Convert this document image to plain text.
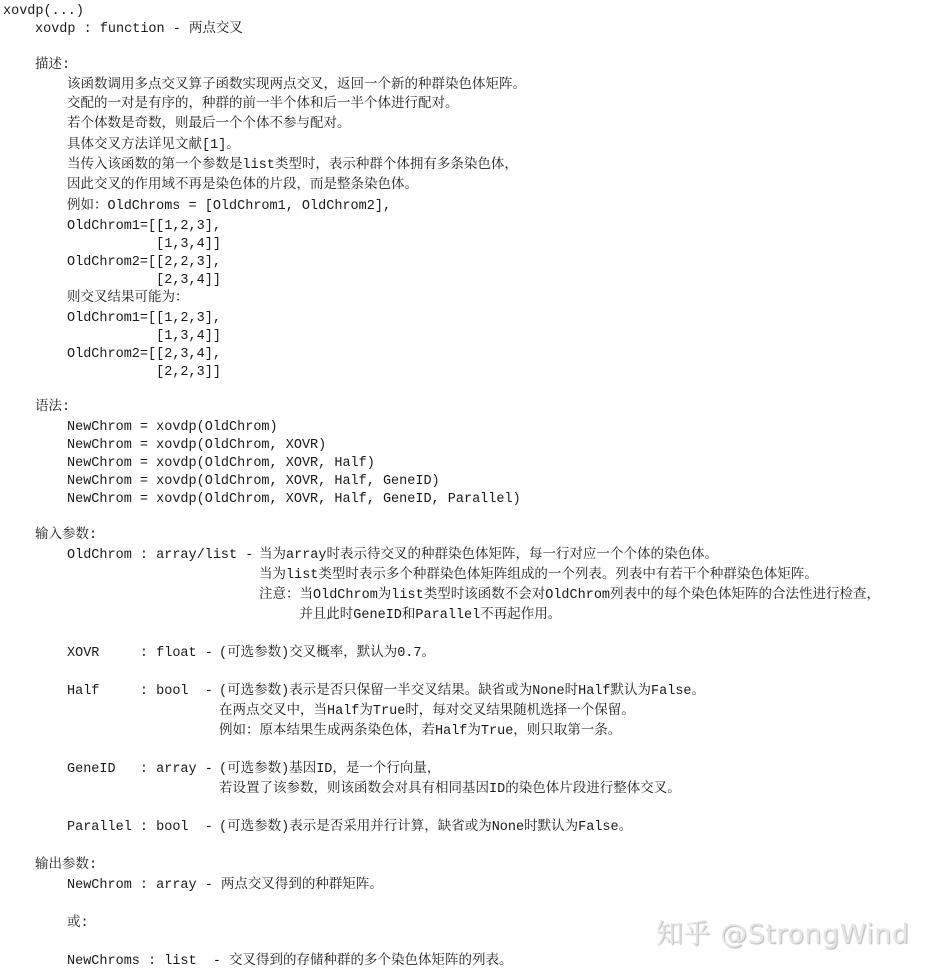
xovdp(...)
xovdp : function - 两点交叉
描述:
该函数调用多点交叉算子函数实现两点交叉，返回一个新的种群染色体矩阵。
交配的一对是有序的，种群的前一半个体和后一半个体进行配对。
若个体数是奇数，则最后一个个体不参与配对。
具体交叉方法详见文献[1]。
当传入该函数的第一个参数是list类型时，表示种群个体拥有多条染色体，
因此交叉的作用域不再是染色体的片段，而是整条染色体。
例如：OldChroms = [OldChrom1, OldChrom2],
OldChrom1=[[1,2,3],
[1,3,4]]
OldChrom2=[[2,2,3],
[2,3,4]]
则交叉结果可能为：
OldChrom1=[[1,2,3],
[1,3,4]]
OldChrom2=[[2,3,4],
[2,2,3]]
语法:
NewChrom = xovdp(OldChrom)
NewChrom = xovdp(OldChrom, XOVR)
NewChrom = xovdp(OldChrom, XOVR, Half)
NewChrom = xovdp(OldChrom, XOVR, Half, GeneID)
NewChrom = xovdp(OldChrom, XOVR, Half, GeneID, Parallel)
输入参数:
OldChrom : array/list -
当为array时表示待交叉的种群染色体矩阵，每一行对应一个个体的染色体。
当为list类型时表示多个种群染色体矩阵组成的一个列表。列表中有若干个种群染色体矩阵。
注意：当OldChrom为list类型时该函数不会对OldChrom列表中的每个染色体矩阵的合法性进行检查，
并且此时GeneID和Parallel不再起作用。
XOVR     : float -
(可选参数)交叉概率，默认为0.7。
Half     : bool  -
(可选参数)表示是否只保留一半交叉结果。缺省或为None时Half默认为False。
在两点交叉中，当Half为True时，每对交叉结果随机选择一个保留。
例如：原本结果生成两条染色体，若Half为True，则只取第一条。
GeneID   : array -
(可选参数)基因ID，是一个行向量，
若设置了该参数，则该函数会对具有相同基因ID的染色体片段进行整体交叉。
Parallel : bool  -
(可选参数)表示是否采用并行计算，缺省或为None时默认为False。
输出参数:
NewChrom : array - 两点交叉得到的种群矩阵。
或:
NewChroms : list  - 交叉得到的存储种群的多个染色体矩阵的列表。
知乎 @StrongWind
